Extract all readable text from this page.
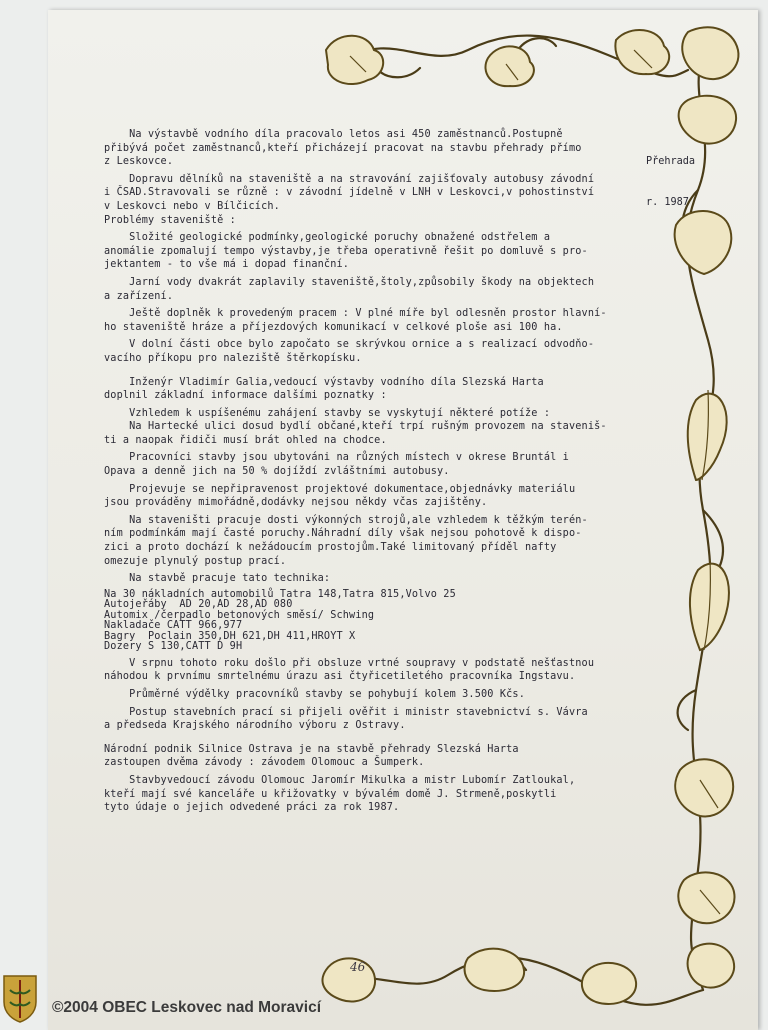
Přehrada

r. 1987

Na výstavbě vodního díla pracovalo letos asi 450 zaměstnanců.Postupně

přibývá počet zaměstnanců,kteří přicházejí pracovat na stavbu přehrady přímo

z Leskovce.

Dopravu dělníků na staveniště a na stravování zajišťovaly autobusy závodní

i ČSAD.Stravovali se různě : v závodní jídelně v LNH v Leskovci,v pohostinství

v Leskovci nebo v Bílčicích.

Problémy staveniště :

Složité geologické podmínky,geologické poruchy obnažené odstřelem a

anomálie zpomalují tempo výstavby,je třeba operativně řešit po domluvě s pro-

jektantem - to vše má i dopad finanční.

Jarní vody dvakrát zaplavily staveniště,štoly,způsobily škody na objektech

a zařízení.

Ještě doplněk k provedeným pracem : V plné míře byl odlesněn prostor hlavní-

ho staveniště hráze a příjezdových komunikací v celkové ploše asi 100 ha.

V dolní části obce bylo započato se skrývkou ornice a s realizací odvodňo-

vacího příkopu pro naleziště štěrkopísku.

Inženýr Vladimír Galia,vedoucí výstavby vodního díla Slezská Harta

doplnil základní informace dalšími poznatky :

Vzhledem k uspíšenému zahájení stavby se vyskytují některé potíže :

Na Hartecké ulici dosud bydlí občané,kteří trpí rušným provozem na staveniš-

ti a naopak řidiči musí brát ohled na chodce.

Pracovníci stavby jsou ubytováni na různých místech v okrese Bruntál i

Opava a denně jich na 50 % dojíždí zvláštními autobusy.

Projevuje se nepřipravenost projektové dokumentace,objednávky materiálu

jsou prováděny mimořádně,dodávky nejsou někdy včas zajištěny.

Na staveništi pracuje dosti výkonných strojů,ale vzhledem k těžkým terén-

ním podmínkám mají časté poruchy.Náhradní díly však nejsou pohotově k dispo-

zici a proto dochází k nežádoucím prostojům.Také limitovaný příděl nafty

omezuje plynulý postup prací.

Na stavbě pracuje tato technika:

Na 30 nákladních automobilů Tatra 148,Tatra 815,Volvo 25

Autojeřáby  AD 20,AD 28,AD 080

Automix /čerpadlo betonových směsí/ Schwing

Nakladače CATT 966,977

Bagry  Poclain 350,DH 621,DH 411,HROYT X

Dozery S 130,CATT D 9H

V srpnu tohoto roku došlo při obsluze vrtné soupravy v podstatě nešťastnou

náhodou k prvnímu smrtelnému úrazu asi čtyřicetiletého pracovníka Ingstavu.

Průměrné výdělky pracovníků stavby se pohybují kolem 3.500 Kčs.

Postup stavebních prací si přijeli ověřit i ministr stavebnictví s. Vávra

a předseda Krajského národního výboru z Ostravy.

Národní podnik Silnice Ostrava je na stavbě přehrady Slezská Harta

zastoupen dvěma závody : závodem Olomouc a Šumperk.

Stavbyvedoucí závodu Olomouc Jaromír Mikulka a mistr Lubomír Zatloukal,

kteří mají své kanceláře u křižovatky v bývalém domě J. Strmeně,poskytli

tyto údaje o jejich odvedené práci za rok 1987.

46
©2004 OBEC Leskovec nad Moravicí
